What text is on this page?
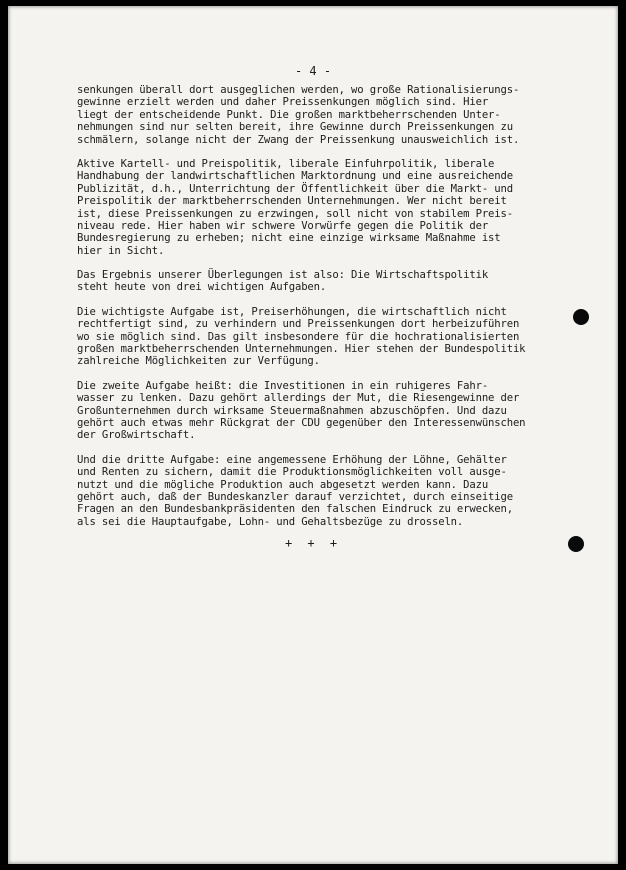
- 4 -
senkungen überall dort ausgeglichen werden, wo große Rationalisierungs-
gewinne erzielt werden und daher Preissenkungen möglich sind. Hier
liegt der entscheidende Punkt. Die großen marktbeherrschenden Unter-
nehmungen sind nur selten bereit, ihre Gewinne durch Preissenkungen zu
schmälern, solange nicht der Zwang der Preissenkung unausweichlich ist.
Aktive Kartell- und Preispolitik, liberale Einfuhrpolitik, liberale
Handhabung der landwirtschaftlichen Marktordnung und eine ausreichende
Publizität, d.h., Unterrichtung der Öffentlichkeit über die Markt- und
Preispolitik der marktbeherrschenden Unternehmungen. Wer nicht bereit
ist, diese Preissenkungen zu erzwingen, soll nicht von stabilem Preis-
niveau rede. Hier haben wir schwere Vorwürfe gegen die Politik der
Bundesregierung zu erheben; nicht eine einzige wirksame Maßnahme ist
hier in Sicht.
Das Ergebnis unserer Überlegungen ist also: Die Wirtschaftspolitik
steht heute von drei wichtigen Aufgaben.
Die wichtigste Aufgabe ist, Preiserhöhungen, die wirtschaftlich nicht
rechtfertigt sind, zu verhindern und Preissenkungen dort herbeizuführen
wo sie möglich sind. Das gilt insbesondere für die hochrationalisierten
großen marktbeherrschenden Unternehmungen. Hier stehen der Bundespolitik
zahlreiche Möglichkeiten zur Verfügung.
Die zweite Aufgabe heißt: die Investitionen in ein ruhigeres Fahr-
wasser zu lenken. Dazu gehört allerdings der Mut, die Riesengewinne der
Großunternehmen durch wirksame Steuermaßnahmen abzuschöpfen. Und dazu
gehört auch etwas mehr Rückgrat der CDU gegenüber den Interessenwünschen
der Großwirtschaft.
Und die dritte Aufgabe: eine angemessene Erhöhung der Löhne, Gehälter
und Renten zu sichern, damit die Produktionsmöglichkeiten voll ausge-
nutzt und die mögliche Produktion auch abgesetzt werden kann. Dazu
gehört auch, daß der Bundeskanzler darauf verzichtet, durch einseitige
Fragen an den Bundesbankpräsidenten den falschen Eindruck zu erwecken,
als sei die Hauptaufgabe, Lohn- und Gehaltsbezüge zu drosseln.
+ + +
